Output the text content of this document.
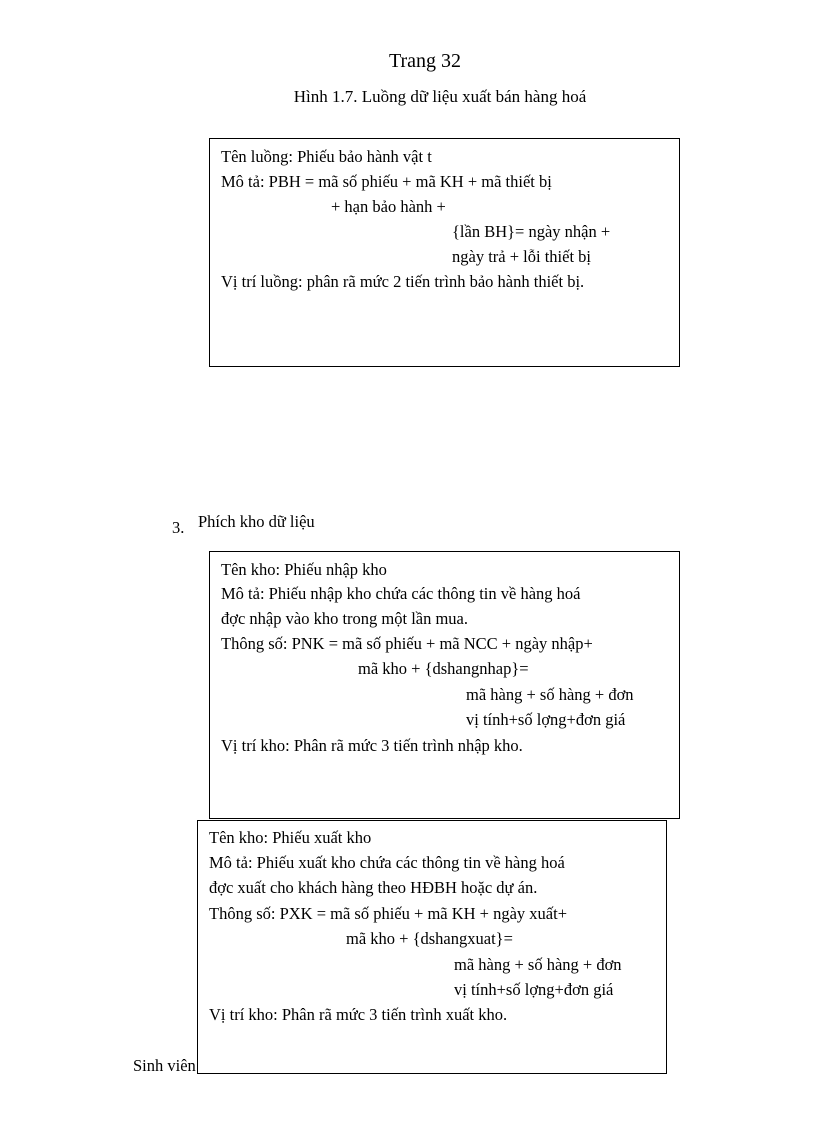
Trang 32
Hình 1.7. Luồng dữ liệu xuất bán hàng hoá
Tên luồng: Phiếu bảo hành vật t
Mô tả: PBH = mã số phiếu + mã KH + mã thiết bị
+ hạn bảo hành +
{lần BH}= ngày nhận +
ngày trả + lỗi thiết bị
Vị trí luồng: phân rã mức 2 tiến trình bảo hành thiết bị.
3. Phích kho dữ liệu
Tên kho: Phiếu nhập kho
Mô tả: Phiếu nhập kho chứa các thông tin về hàng hoá
đợc nhập vào kho trong một lần mua.
Thông số: PNK = mã số phiếu + mã NCC + ngày nhập+
mã kho + {dshangnhap}=
mã hàng + số hàng + đơn
vị tính+số lợng+đơn giá
Vị trí kho: Phân rã mức 3 tiến trình nhập kho.
Sinh viên
Tên kho: Phiếu xuất kho
Mô tả: Phiếu xuất kho chứa các thông tin về hàng hoá
đợc xuất cho khách hàng theo HĐBH hoặc dự án.
Thông số: PXK = mã số phiếu + mã KH + ngày xuất+
mã kho + {dshangxuat}=
mã hàng + số hàng + đơn
vị tính+số lợng+đơn giá
Vị trí kho: Phân rã mức 3 tiến trình xuất kho.
